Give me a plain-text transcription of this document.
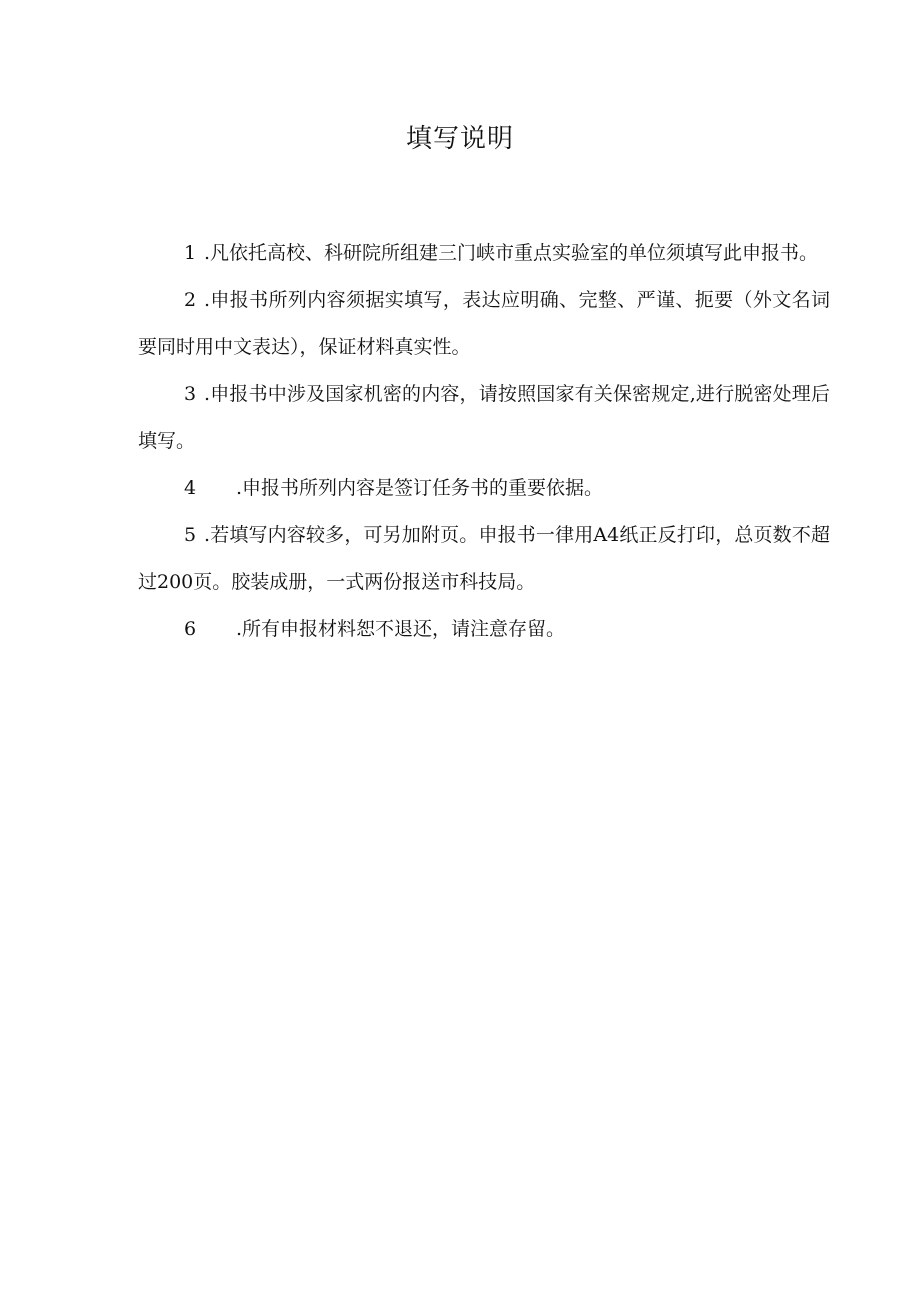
填写说明
1 .凡依托高校、科研院所组建三门峡市重点实验室的单位须填写此申报书。
2 .申报书所列内容须据实填写，表达应明确、完整、严谨、扼要（外文名词要同时用中文表达），保证材料真实性。
3 .申报书中涉及国家机密的内容，请按照国家有关保密规定,进行脱密处理后填写。
4 .申报书所列内容是签订任务书的重要依据。
5 .若填写内容较多，可另加附页。申报书一律用A4纸正反打印，总页数不超过200页。胶装成册，一式两份报送市科技局。
6 .所有申报材料恕不退还，请注意存留。
